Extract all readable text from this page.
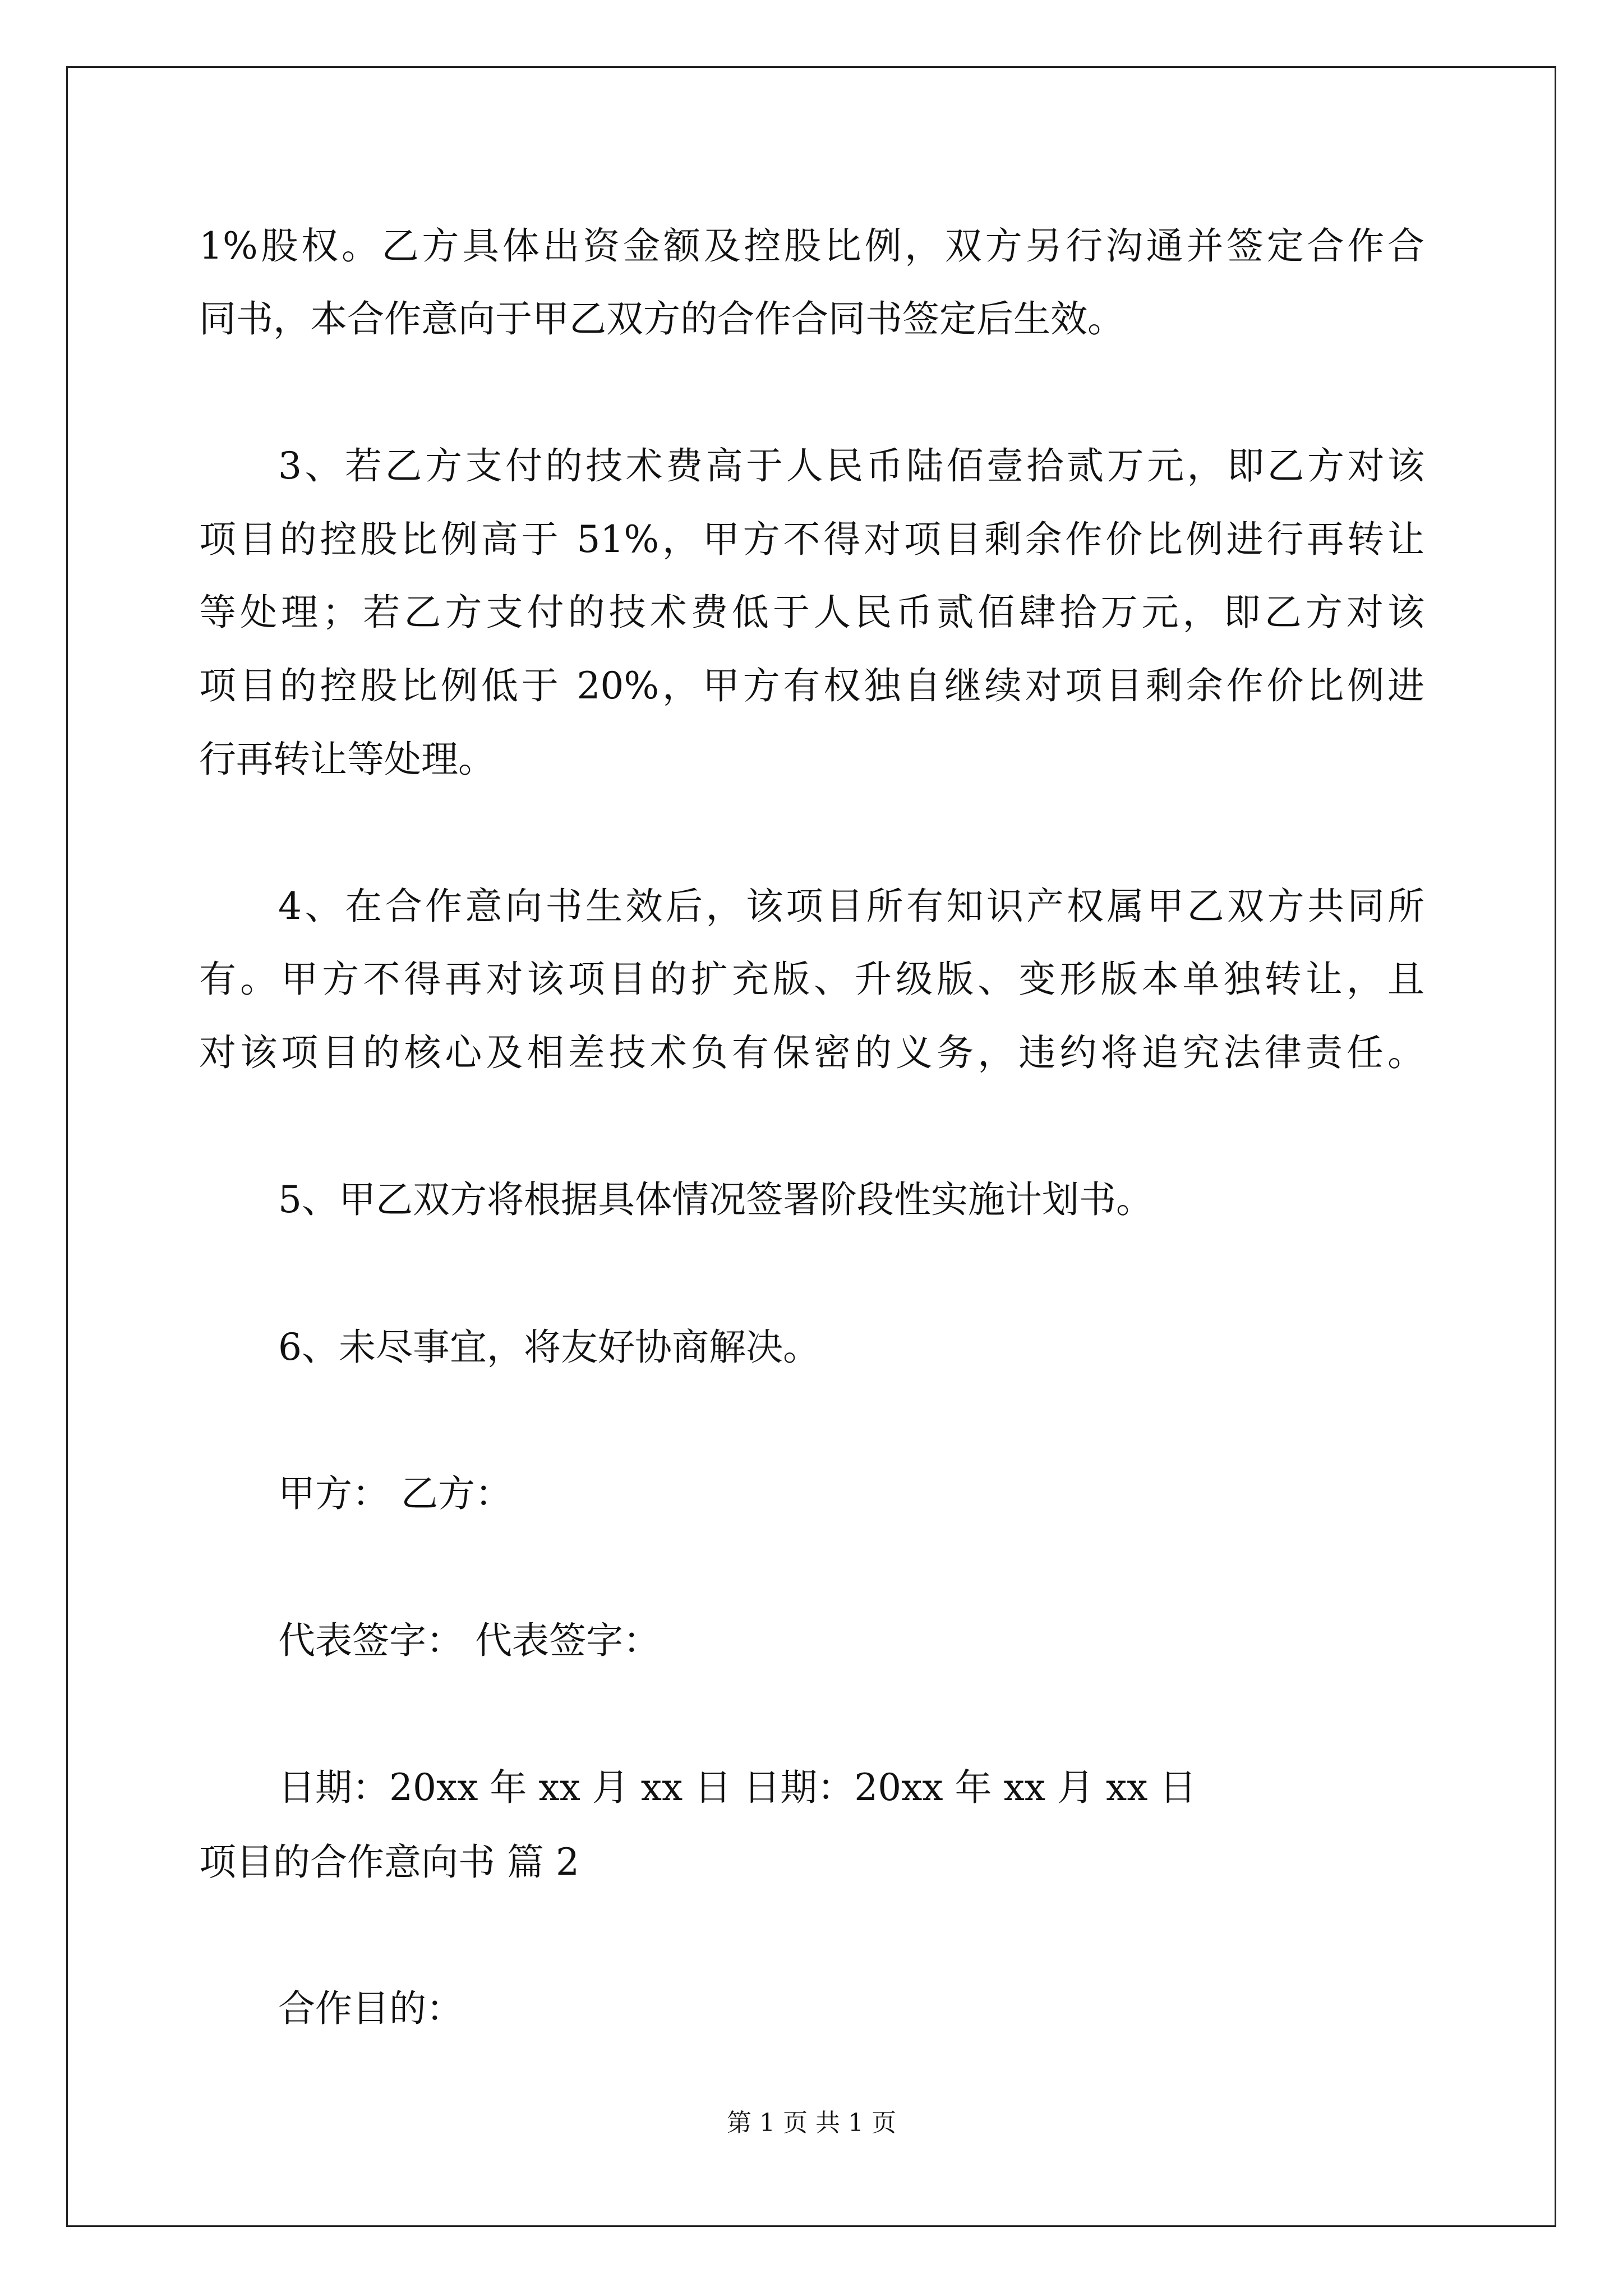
1%股权。乙方具体出资金额及控股比例，双方另行沟通并签定合作合

同书，本合作意向于甲乙双方的合作合同书签定后生效。

3、若乙方支付的技术费高于人民币陆佰壹拾贰万元，即乙方对该

项目的控股比例高于 51%，甲方不得对项目剩余作价比例进行再转让

等处理；若乙方支付的技术费低于人民币贰佰肆拾万元，即乙方对该

项目的控股比例低于 20%，甲方有权独自继续对项目剩余作价比例进

行再转让等处理。

4、在合作意向书生效后，该项目所有知识产权属甲乙双方共同所

有。甲方不得再对该项目的扩充版、升级版、变形版本单独转让，且

对该项目的核心及相差技术负有保密的义务，违约将追究法律责任。

5、甲乙双方将根据具体情况签署阶段性实施计划书。

6、未尽事宜，将友好协商解决。

甲方： 乙方：

代表签字： 代表签字：

日期：20xx 年 xx 月 xx 日 日期：20xx 年 xx 月 xx 日

项目的合作意向书 篇 2

合作目的：

第 1 页 共 1 页
